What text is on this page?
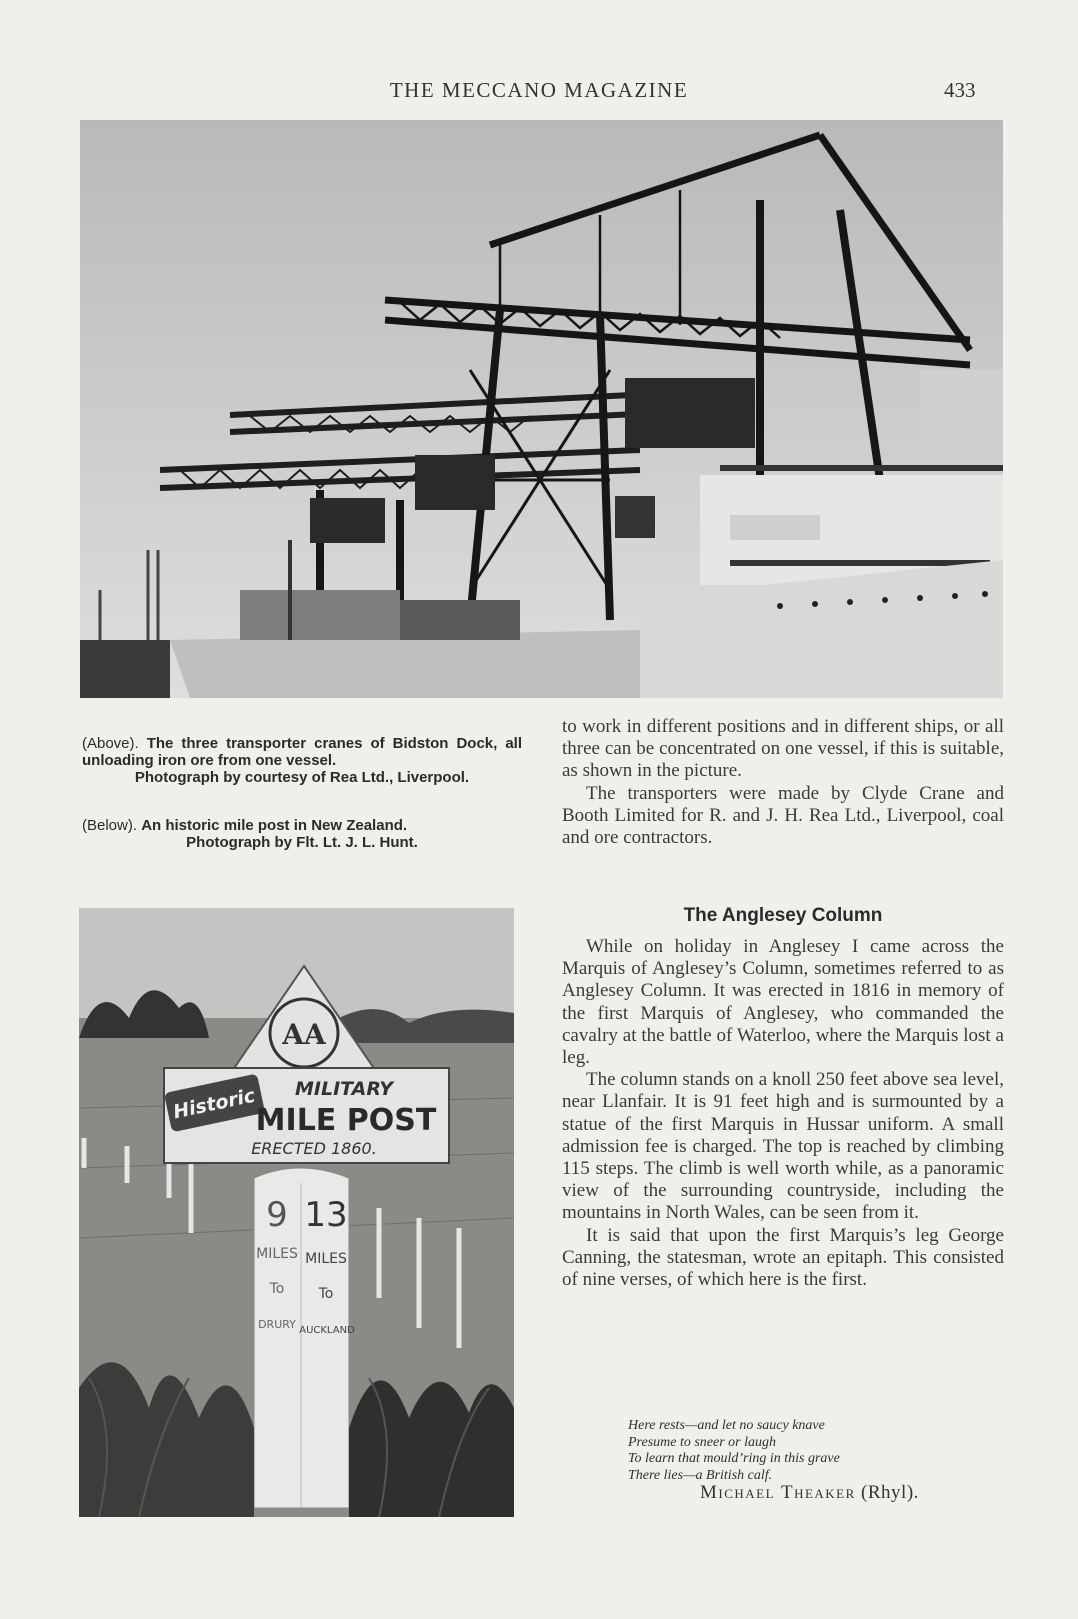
THE MECCANO MAGAZINE	433
(Above). The three transporter cranes of Bidston Dock, all unloading iron ore from one vessel.
Photograph by courtesy of Rea Ltd., Liverpool.
(Below). An historic mile post in New Zealand.
Photograph by Flt. Lt. J. L. Hunt.
AA
Historic MILITARY
MILE POST
ERECTED 1860.
9 13
MILES MILES
To To
DRURY AUCKLAND

to work in different positions and in different ships, or all three can be concentrated on one vessel, if this is suitable, as shown in the picture.

The transporters were made by Clyde Crane and Booth Limited for R. and J. H. Rea Ltd., Liverpool, coal and ore contractors.

The Anglesey Column

While on holiday in Anglesey I came across the Marquis of Anglesey’s Column, sometimes referred to as Anglesey Column. It was erected in 1816 in memory of the first Marquis of Anglesey, who commanded the cavalry at the battle of Waterloo, where the Marquis lost a leg.

The column stands on a knoll 250 feet above sea level, near Llanfair. It is 91 feet high and is surmounted by a statue of the first Marquis in Hussar uniform. A small admission fee is charged. The top is reached by climbing 115 steps. The climb is well worth while, as a panoramic view of the surrounding countryside, including the mountains in North Wales, can be seen from it.

It is said that upon the first Marquis’s leg George Canning, the statesman, wrote an epitaph. This consisted of nine verses, of which here is the first.

Here rests—and let no saucy knave
Presume to sneer or laugh
To learn that mould’ring in this grave
There lies—a British calf.
Michael Theaker (Rhyl).
